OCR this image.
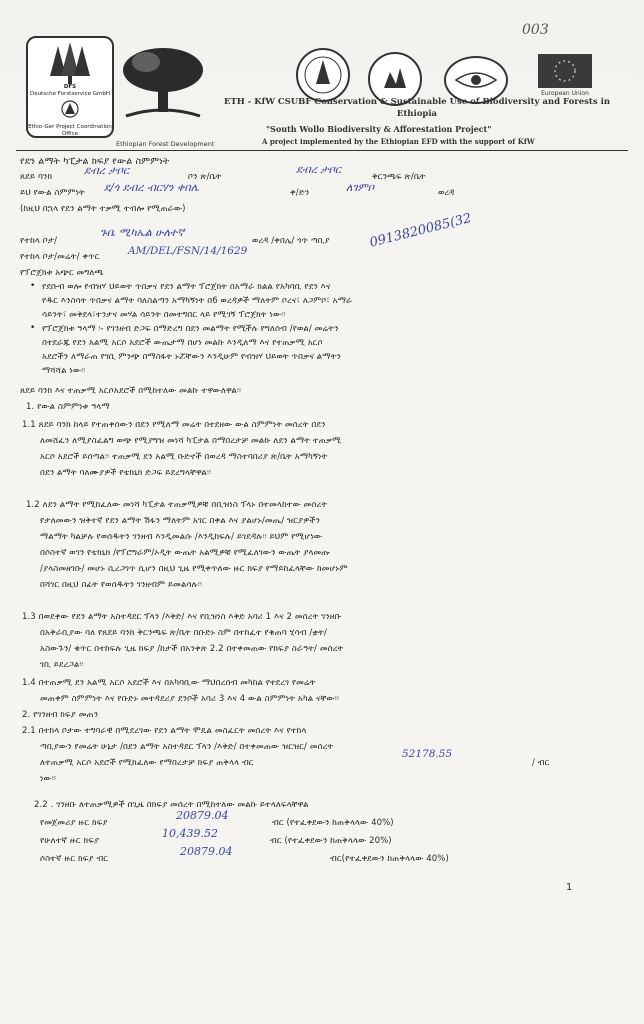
003
DFS
Deutsche Forstservice GmbH
Ethio-Ger Project Coordination Office
Ethiopian Forest Development
European Union
ETH - KfW CSUBF Conservation & Sustainable Use of Biodiversity and Forests in Ethiopia
"South Wollo Biodiversity & Afforestation Project"
A project implemented by the Ethiopian EFD with the support of KfW
የደን ልማት ካፒታል ክፍያ የውል ስምምነት
ጸደይ ባንክ	ደብረ ታቦር	ቦን ጽ/ቤት
ደብረ ታቦር
ቅርንጫፍ ጽ/ቤት
ይህ የውል ስምምነት ደ/ጎ ደብረ ብርሃን ቀበሌ	ቀ/ድን	ለገምቦ	ወረዳ
(ከዚህ በኋላ የደን ልማት ተቃሚ ተብሎ የሚጠራው)
የተከላ ቦታ/
ጉቤ ሚካኤል ሁለተኛ
ወረዳ /ቀበሌ/ ጎጥ ጣቢያ
የተከላ ቦታ/መሬት/ ቀጥር	AM/DEL/FSN/14/1629
0913820085(32
የፕሮጀክቱ አጭር መግለጫ
• የደቡብ ወሎ የብዝሃ ህይወት ጥበቃና የደን ልማት ፕሮጀክት በአማራ ክልል የአካባቢ የደን እና
የዱር እንስሳት ጥበቃና ልማት ባለስልጣን አማካኝነት በ6 ወረዳዎች ማለትም ቦረና፣ ለጋምቦ፣ አማራ
ሳይንት፣ መቅደላ፣ተንታና መሃል ሳይንት በመተግበር ላይ የሚገኝ ፕሮጀክት ነው፡፡
• የፕሮጀክቱ ዓላማ ፡- የገንዘብ ድጋፍ በማድረግ በደን መልማት የሚችሉ የግለሰብ /የወል/ መሬትን
በተደራጁ የደን አልሚ አርሶ አደሮች ውጤታማ በሆነ መልኩ እንዲለማ እና የተጠቃሚ አርሶ
አደሮችን ለማራጠ የገቢ ምንጭ በማስፋት ኑሯቸውን እንዲሁም የብዝሃ ህይወት ጥበቃና ልማትን
ማሻሻል ነው፡፡
ጸደይ ባንክ እና ተጠቃሚ አርሶአደሮች በሚከተለው መልኩ ተዋውለዋል፡፡
1. የውል ስምምነቱ ዓላማ
1.1 ጸደይ ባንክ ከላይ የተጠቀሰውን በደን የሚለማ መሬት በተደዘው ውል ስምምነት መሰረት በደን
ለመሸፈን ለሚያስፈልግ ወጭ የሚያግዝ መነሻ ካፒታል በማበረታቻ መልኩ ለደን ልማት ተጠቃሚ
አርሶ አደሮች ይሰጣል፡፡ ተጠቃሚ ደን አልሚ ቡድኖች በወረዳ ማስተባበሪያ ጽ/ቤት አማካኝነት
በደን ልማት ባለሙያዎች የቴክኒክ ድጋፍ ይደረግላቸዋል፡፡
1.2 ለደን ልማት የሚከፈለው መነሻ ካፒታል ተጠቃሚዎቹ በቢዝነስ ፕላኑ በተመላከተው መሰረት
የታለመውን ዝቅተኛ የደን ልማት ሽፋን ማለትም አገር በቀል እና ያልሆኑ/መጤ/ ዝርያዎችን
ማልማት ካልቻሉ የወሰዱትን ገንዘብ እንዲመልሱ /እንዲከፍሉ/ ይገደዳሉ፡፡ ይህም የሚሆነው
በሶስተኛ ወገን የቴክኒክ /የፕሮግራም/ኦዲት ውጤት አልሚዎቹ የሚፈለገውን ውጤት ያላመጡ
/ያላስመዘገቡ/ መሆኑ ሲረጋገጥ ሲሆን በዚህ ጊዜ የሚቀጥለው ዙር ክፍያ የማይከፈላቸው ከመሆኑም
በሻገር በዚህ በፊት የወሰዱትን ገንዘብም ይመልሳሉ፡፡
1.3 በወደቀው የደን ልማት አስተዳደር ፕላን /እቅድ/ እና የቢዝነስ እቅድ አባሪ 1 እና 2 መሰረት ገንዘቡ
በአቅራቢያው ባለ የጸደይ ባንክ ቅርንጫፍ ጽ/ቤት በቡድኑ ስም በተከፈተ የቁጠባ ሂሳብ /ቋት/
አስውጉን/ ቁጥር በተከፍሉ ጊዜ ክፍያ /ከታች በአንቀጽ 2.2 በተቀመጠው የክፍያ ስራዓት/ መሰረት
ገቢ ይደረጋል፡፡
1.4 በተጠቃሚ ደን አልሚ አርሶ አደሮች እና በአካባቢው ማህበረሰብ መካከል የተደረገ የመሬት
መጠቀም ስምምነት እና የቡድኑ መተዳደሪያ ደንቦች አባሪ 3 እና 4 ውል ስምምነት አካል ናቸው፡፡
2. የገንዘብ ክፍያ መጠን
2.1 በተከላ ቦታው ተግባራዊ በሚደረገው የደን ልማት ሞዴል መስፈርት መሰረት እና የተከላ
ጣቢያውን የመሬት ሁኔታ /በደን ልማት አስተዳደር ፕላን /እቅድ/ በተቀመጠው ዝርዝር/ መሰረት
ለተጠቃሚ አርሶ አደሮች የሚከፈለው የማበረታቻ ክፍያ ጠቅላላ ብር
52178.55
/ ብር
ነው፡፡
2.2 . ገንዘቡ ለተጠቃሚዎች በጊዜ በክፍያ መሰረት በሚከተለው መልኩ ይተላለፍላቸዋል
የመጀመሪያ ዙር ክፍያ
20879.04
ብር (የተፈቀደውን ከጠቅላላው 40%)
የሁለተኛ ዙር ክፍያ
10,439.52
ብር (የተፈቀደውን ከጠቅላላው 20%)
ሶስተኛ ዙር ክፍያ ብር
20879.04
ብር(የተፈቀደውን ከጠቅላላው 40%)
1
